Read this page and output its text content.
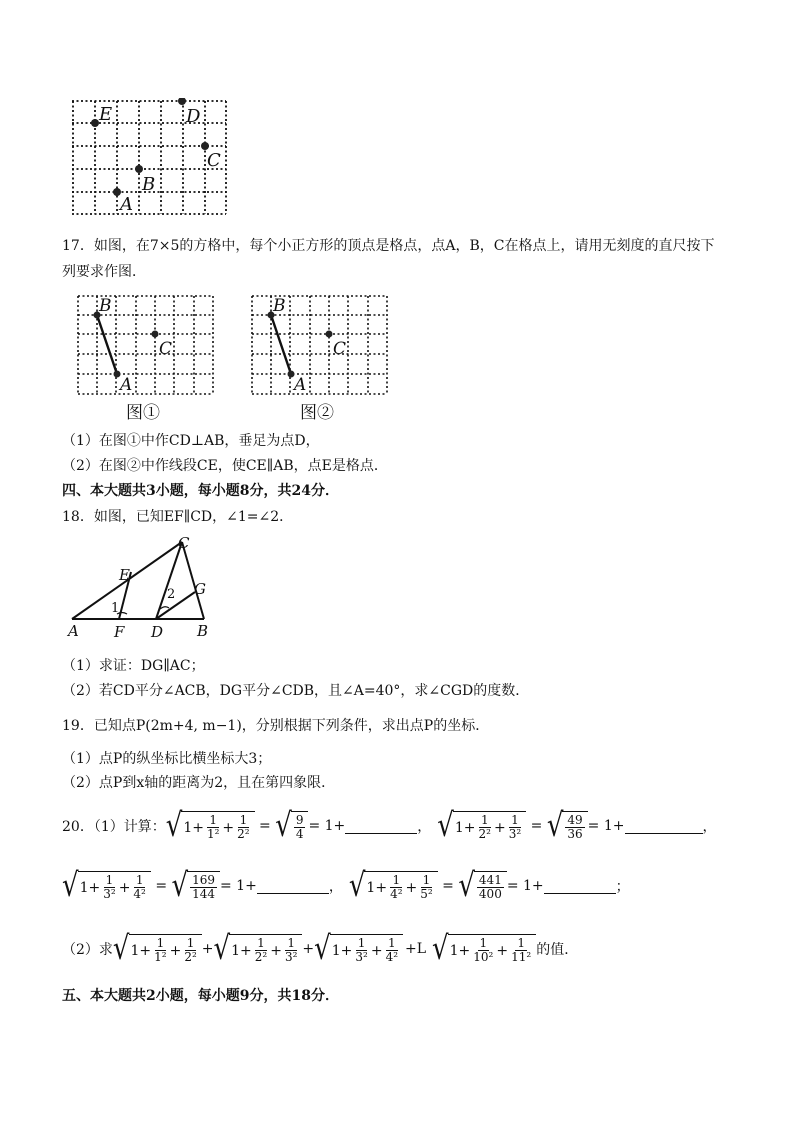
E	D
C
B
A
17．如图，在7×5的方格中，每个小正方形的顶点是格点，点A，B，C在格点上，请用无刻度的直尺按下
列要求作图．
B
C
A
图①
B
C
A
图②
（1）在图①中作CD⊥AB，垂足为点D，
（2）在图②中作线段CE，使CE∥AB，点E是格点．
四、本大题共3小题，每小题8分，共24分．
18．如图，已知EF∥CD，∠1=∠2．
C
E
G
1
2
A F D B
（1）求证：DG∥AC；
（2）若CD平分∠ACB，DG平分∠CDB，且∠A=40°，求∠CGD的度数．
19．已知点P(2m+4, m−1)，分别根据下列条件，求出点P的坐标．
（1）点P的纵坐标比横坐标大3；
（2）点P到x轴的距离为2，且在第四象限．
20．（1）计算： √ $1 + \frac{1}{\text{1²}} + \frac{1}{\text{2²}}$ = √ $\frac{9}{4} = 1+$	， √ $1 + \frac{1}{\text{2²}} + \frac{1}{\text{3²}}$ = √ $\frac{49}{36} = 1+$	，
√ $1 + \frac{1}{\text{3²}} + \frac{1}{\text{4²}}$ = √ $\frac{169}{144} = 1+$	， √ $1 + \frac{1}{\text{4²}} + \frac{1}{\text{5²}}$ = √ $\frac{441}{400} = 1+$	；
（2）求 √ $1 + \frac{1}{\text{1²}} + \frac{1}{\text{2²}}$ + √ $1 + \frac{1}{\text{2²}} + \frac{1}{\text{3²}}$ + √ $1 + \frac{1}{\text{3²}} + \frac{1}{\text{4²}} +L$ √ $1 + \frac{1}{\text{10²}} + \frac{1}{\text{11²}}$ 的值．
五、本大题共2小题，每小题9分，共18分．
